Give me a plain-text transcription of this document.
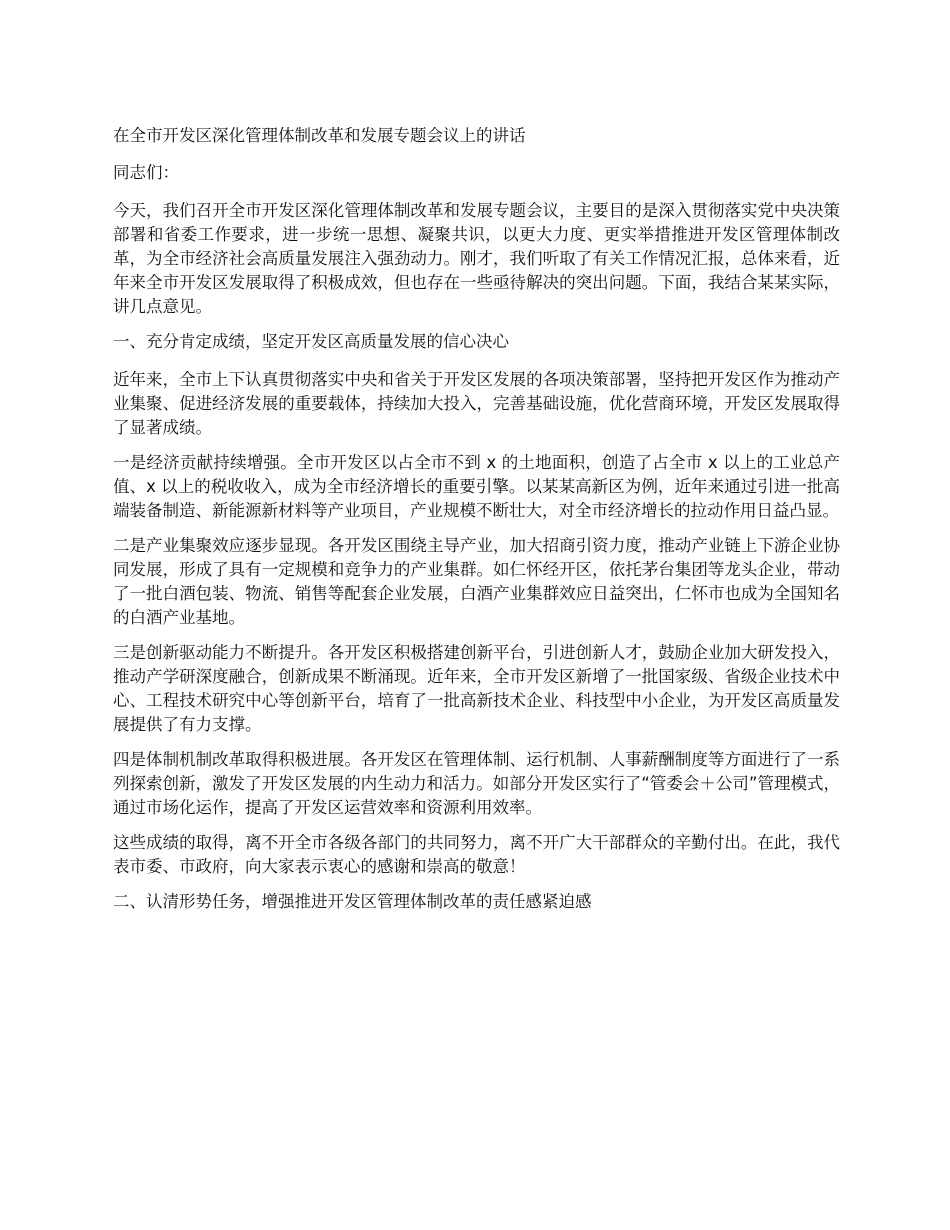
在全市开发区深化管理体制改革和发展专题会议上的讲话

同志们：

今天，我们召开全市开发区深化管理体制改革和发展专题会议，主要目的是深入贯彻落实党中央决策部署和省委工作要求，进一步统一思想、凝聚共识，以更大力度、更实举措推进开发区管理体制改革，为全市经济社会高质量发展注入强劲动力。刚才，我们听取了有关工作情况汇报，总体来看，近年来全市开发区发展取得了积极成效，但也存在一些亟待解决的突出问题。下面，我结合某某实际，讲几点意见。

一、充分肯定成绩，坚定开发区高质量发展的信心决心

近年来，全市上下认真贯彻落实中央和省关于开发区发展的各项决策部署，坚持把开发区作为推动产业集聚、促进经济发展的重要载体，持续加大投入，完善基础设施，优化营商环境，开发区发展取得了显著成绩。

一是经济贡献持续增强。全市开发区以占全市不到 x 的土地面积，创造了占全市 x 以上的工业总产值、x 以上的税收收入，成为全市经济增长的重要引擎。以某某高新区为例，近年来通过引进一批高端装备制造、新能源新材料等产业项目，产业规模不断壮大，对全市经济增长的拉动作用日益凸显。

二是产业集聚效应逐步显现。各开发区围绕主导产业，加大招商引资力度，推动产业链上下游企业协同发展，形成了具有一定规模和竞争力的产业集群。如仁怀经开区，依托茅台集团等龙头企业，带动了一批白酒包装、物流、销售等配套企业发展，白酒产业集群效应日益突出，仁怀市也成为全国知名的白酒产业基地。

三是创新驱动能力不断提升。各开发区积极搭建创新平台，引进创新人才，鼓励企业加大研发投入，推动产学研深度融合，创新成果不断涌现。近年来，全市开发区新增了一批国家级、省级企业技术中心、工程技术研究中心等创新平台，培育了一批高新技术企业、科技型中小企业，为开发区高质量发展提供了有力支撑。

四是体制机制改革取得积极进展。各开发区在管理体制、运行机制、人事薪酬制度等方面进行了一系列探索创新，激发了开发区发展的内生动力和活力。如部分开发区实行了“管委会＋公司”管理模式，通过市场化运作，提高了开发区运营效率和资源利用效率。

这些成绩的取得，离不开全市各级各部门的共同努力，离不开广大干部群众的辛勤付出。在此，我代表市委、市政府，向大家表示衷心的感谢和崇高的敬意！

二、认清形势任务，增强推进开发区管理体制改革的责任感紧迫感
